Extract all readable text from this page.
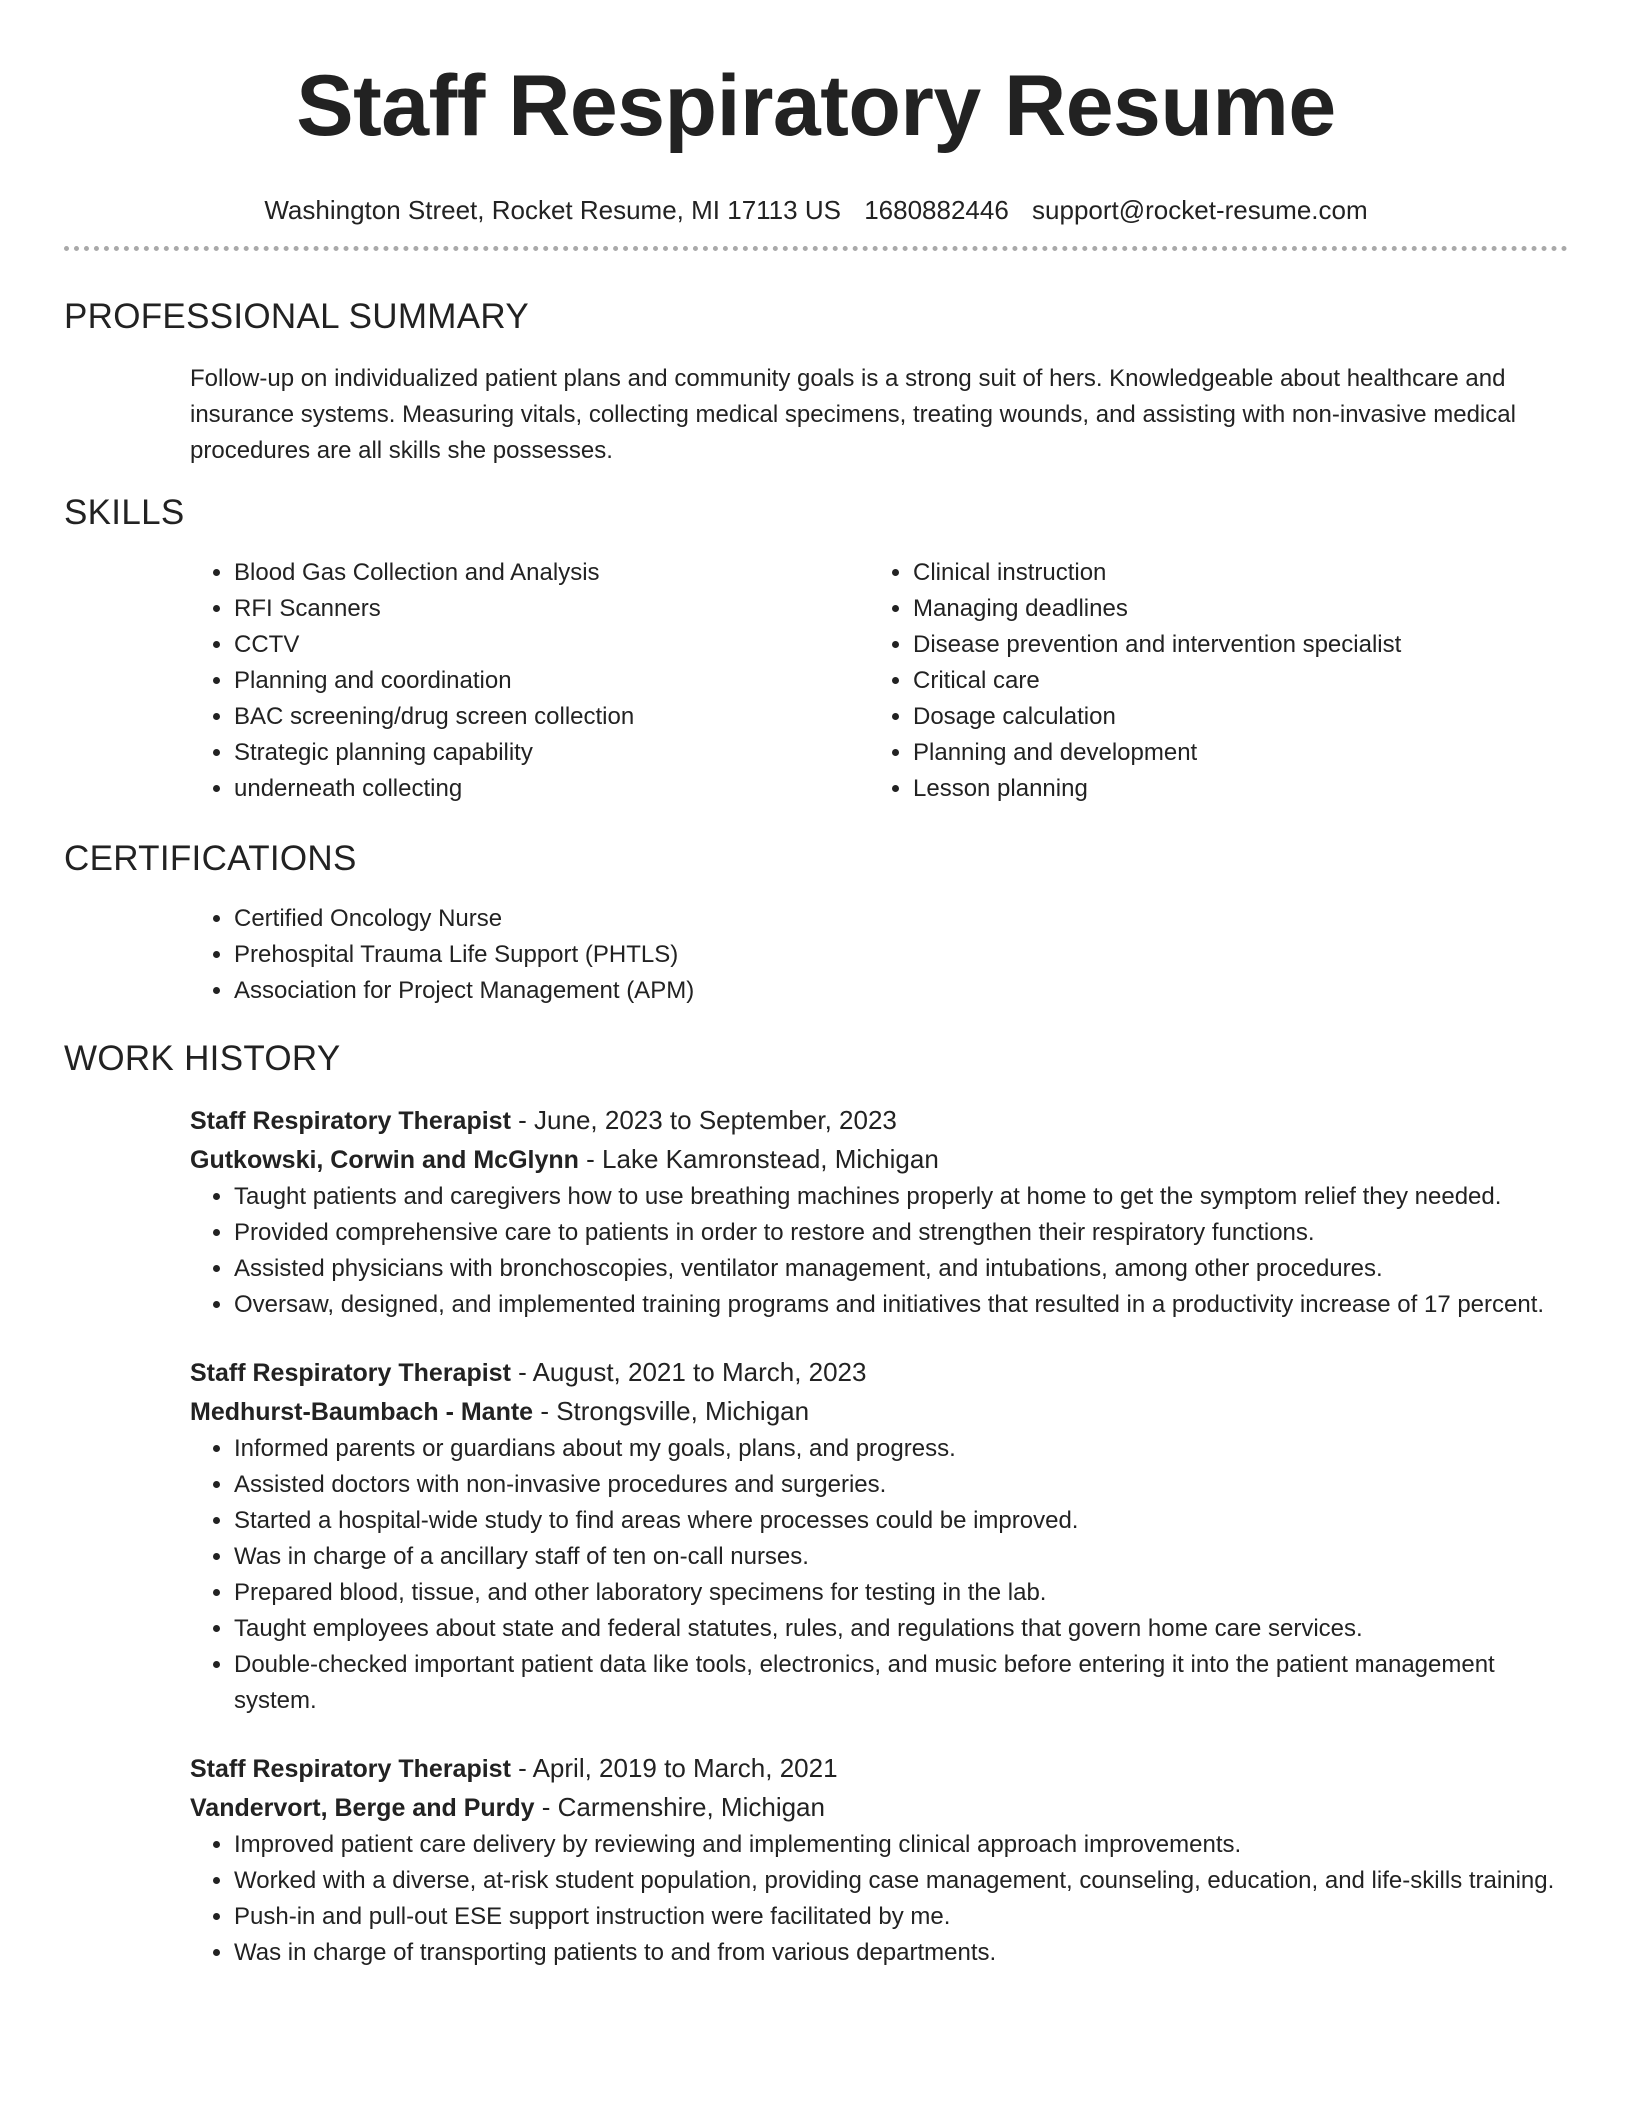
Staff Respiratory Resume
Washington Street, Rocket Resume, MI 17113 US 1680882446 support@rocket-resume.com
PROFESSIONAL SUMMARY

Follow-up on individualized patient plans and community goals is a strong suit of hers. Knowledgeable about healthcare and insurance systems. Measuring vitals, collecting medical specimens, treating wounds, and assisting with non-invasive medical procedures are all skills she possesses.

SKILLS
• Blood Gas Collection and Analysis
• RFI Scanners
• CCTV
• Planning and coordination
• BAC screening/drug screen collection
• Strategic planning capability
• underneath collecting
• Clinical instruction
• Managing deadlines
• Disease prevention and intervention specialist
• Critical care
• Dosage calculation
• Planning and development
• Lesson planning
CERTIFICATIONS
• Certified Oncology Nurse
• Prehospital Trauma Life Support (PHTLS)
• Association for Project Management (APM)
WORK HISTORY
Staff Respiratory Therapist - June, 2023 to September, 2023
Gutkowski, Corwin and McGlynn - Lake Kamronstead, Michigan
• Taught patients and caregivers how to use breathing machines properly at home to get the symptom relief they needed.
• Provided comprehensive care to patients in order to restore and strengthen their respiratory functions.
• Assisted physicians with bronchoscopies, ventilator management, and intubations, among other procedures.
• Oversaw, designed, and implemented training programs and initiatives that resulted in a productivity increase of 17 percent.
Staff Respiratory Therapist - August, 2021 to March, 2023
Medhurst-Baumbach - Mante - Strongsville, Michigan
• Informed parents or guardians about my goals, plans, and progress.
• Assisted doctors with non-invasive procedures and surgeries.
• Started a hospital-wide study to find areas where processes could be improved.
• Was in charge of a ancillary staff of ten on-call nurses.
• Prepared blood, tissue, and other laboratory specimens for testing in the lab.
• Taught employees about state and federal statutes, rules, and regulations that govern home care services.
• Double-checked important patient data like tools, electronics, and music before entering it into the patient management system.
Staff Respiratory Therapist - April, 2019 to March, 2021
Vandervort, Berge and Purdy - Carmenshire, Michigan
• Improved patient care delivery by reviewing and implementing clinical approach improvements.
• Worked with a diverse, at-risk student population, providing case management, counseling, education, and life-skills training.
• Push-in and pull-out ESE support instruction were facilitated by me.
• Was in charge of transporting patients to and from various departments.
